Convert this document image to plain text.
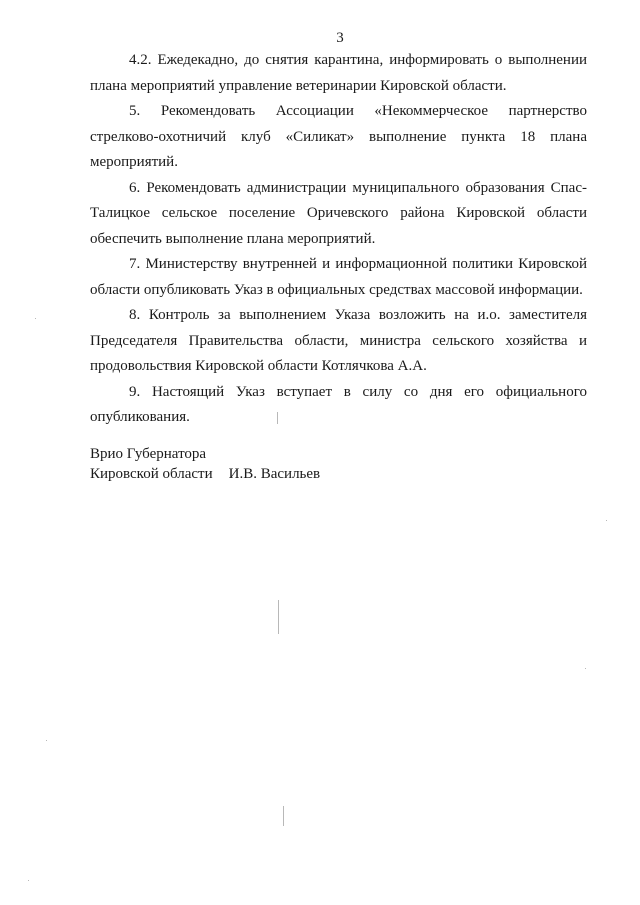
3

4.2. Ежедекадно, до снятия карантина, информировать о выполнении плана мероприятий управление ветеринарии Кировской области.

5. Рекомендовать Ассоциации «Некоммерческое партнерство стрелково-охотничий клуб «Силикат» выполнение пункта 18 плана мероприятий.

6. Рекомендовать администрации муниципального образования Спас-Талицкое сельское поселение Оричевского района Кировской области обеспечить выполнение плана мероприятий.

7. Министерству внутренней и информационной политики Кировской области опубликовать Указ в официальных средствах массовой информации.

8. Контроль за выполнением Указа возложить на и.о. заместителя Председателя Правительства области, министра сельского хозяйства и продовольствия Кировской области Котлячкова А.А.

9. Настоящий Указ вступает в силу со дня его официального опубликования.

Врио Губернатора
Кировской области И.В. Васильев
